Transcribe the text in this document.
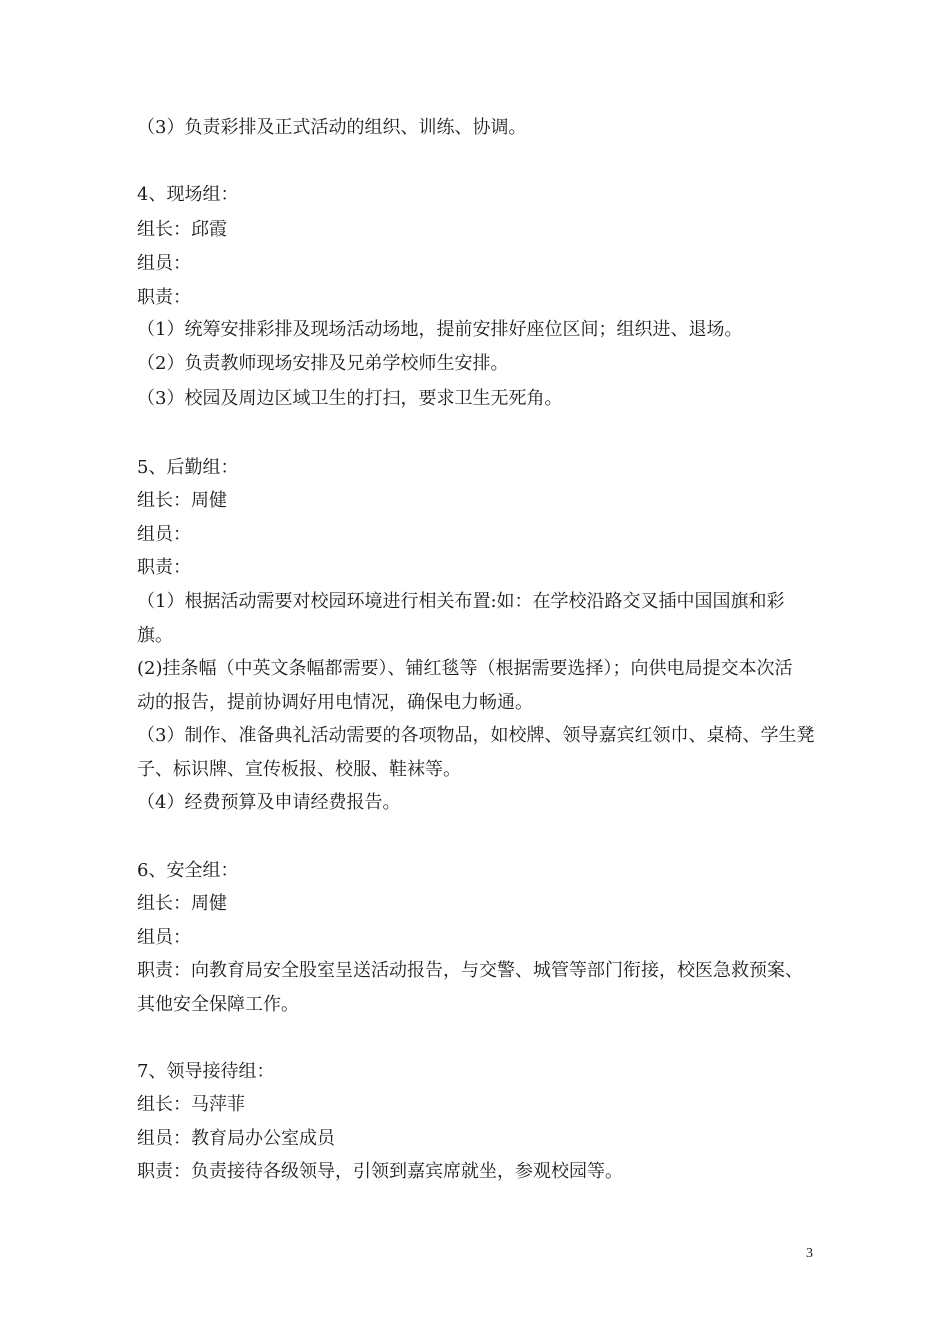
（3）负责彩排及正式活动的组织、训练、协调。
4、现场组：
组长：邱霞
组员：
职责：
（1）统筹安排彩排及现场活动场地，提前安排好座位区间；组织进、退场。
（2）负责教师现场安排及兄弟学校师生安排。
（3）校园及周边区域卫生的打扫，要求卫生无死角。
5、后勤组：
组长：周健
组员：
职责：
（1）根据活动需要对校园环境进行相关布置:如：在学校沿路交叉插中国国旗和彩
旗。
(2)挂条幅（中英文条幅都需要）、铺红毯等（根据需要选择）；向供电局提交本次活
动的报告，提前协调好用电情况，确保电力畅通。
（3）制作、准备典礼活动需要的各项物品，如校牌、领导嘉宾红领巾、桌椅、学生凳
子、标识牌、宣传板报、校服、鞋袜等。
（4）经费预算及申请经费报告。
6、安全组：
组长：周健
组员：
职责：向教育局安全股室呈送活动报告，与交警、城管等部门衔接，校医急救预案、
其他安全保障工作。
7、领导接待组：
组长：马萍菲
组员：教育局办公室成员
职责：负责接待各级领导，引领到嘉宾席就坐，参观校园等。
3
